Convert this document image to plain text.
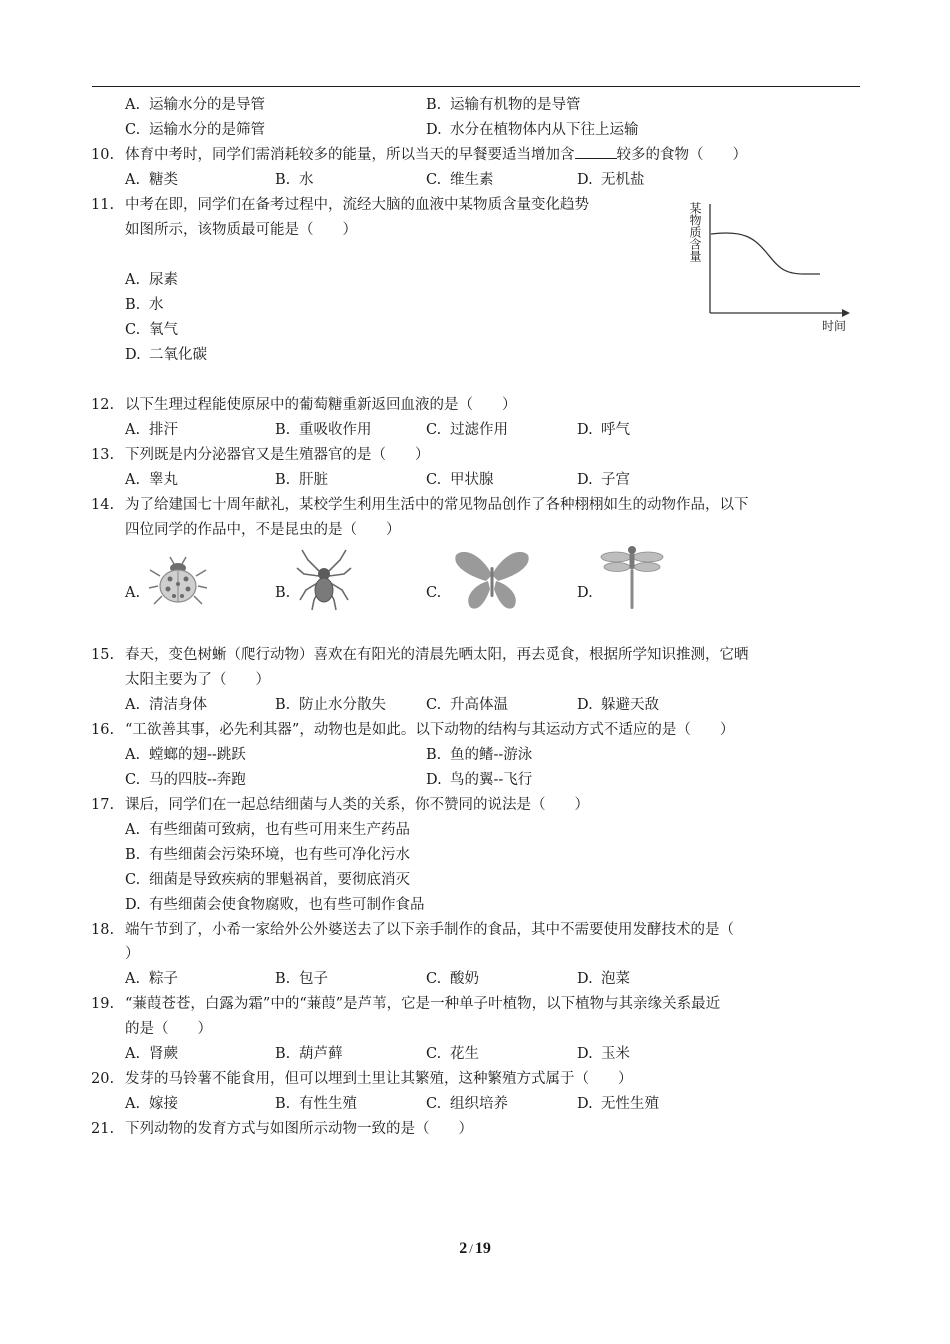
A. 运输水分的是导管	B. 运输有机物的是导管
C. 运输水分的是筛管	D. 水分在植物体内从下往上运输
10. 体育中考时，同学们需消耗较多的能量，所以当天的早餐要适当增加含	较多的食物（　　）
A. 糖类	B. 水	C. 维生素	D. 无机盐
11. 中考在即，同学们在备考过程中，流经大脑的血液中某物质含量变化趋势
如图所示，该物质最可能是（　　）
A. 尿素
B. 水
C. 氧气
D. 二氧化碳
某物质含量
时间
12. 以下生理过程能使原尿中的葡萄糖重新返回血液的是（　　）
A. 排汗	B. 重吸收作用	C. 过滤作用	D. 呼气
13. 下列既是内分泌器官又是生殖器官的是（　　）
A. 睾丸	B. 肝脏	C. 甲状腺	D. 子宫
14. 为了给建国七十周年献礼，某校学生利用生活中的常见物品创作了各种栩栩如生的动物作品，以下
四位同学的作品中，不是昆虫的是（　　）
A.	B.	C.	D.
15. 春天，变色树蜥（爬行动物）喜欢在有阳光的清晨先晒太阳，再去觅食，根据所学知识推测，它晒
太阳主要为了（　　）
A. 清洁身体	B. 防止水分散失	C. 升高体温	D. 躲避天敌
16. “工欲善其事，必先利其器”，动物也是如此。以下动物的结构与其运动方式不适应的是（　　）
A. 螳螂的翅--跳跃	B. 鱼的鳍--游泳
C. 马的四肢--奔跑	D. 鸟的翼--飞行
17. 课后，同学们在一起总结细菌与人类的关系，你不赞同的说法是（　　）
A. 有些细菌可致病，也有些可用来生产药品
B. 有些细菌会污染环境，也有些可净化污水
C. 细菌是导致疾病的罪魁祸首，要彻底消灭
D. 有些细菌会使食物腐败，也有些可制作食品
18. 端午节到了，小希一家给外公外婆送去了以下亲手制作的食品，其中不需要使用发酵技术的是（
）
A. 粽子	B. 包子	C. 酸奶	D. 泡菜
19. “蒹葭苍苍，白露为霜”中的“蒹葭”是芦苇，它是一种单子叶植物，以下植物与其亲缘关系最近
的是（　　）
A. 肾蕨	B. 葫芦藓	C. 花生	D. 玉米
20. 发芽的马铃薯不能食用，但可以埋到土里让其繁殖，这种繁殖方式属于（　　）
A. 嫁接	B. 有性生殖	C. 组织培养	D. 无性生殖
21. 下列动物的发育方式与如图所示动物一致的是（　　）
2 / 19
